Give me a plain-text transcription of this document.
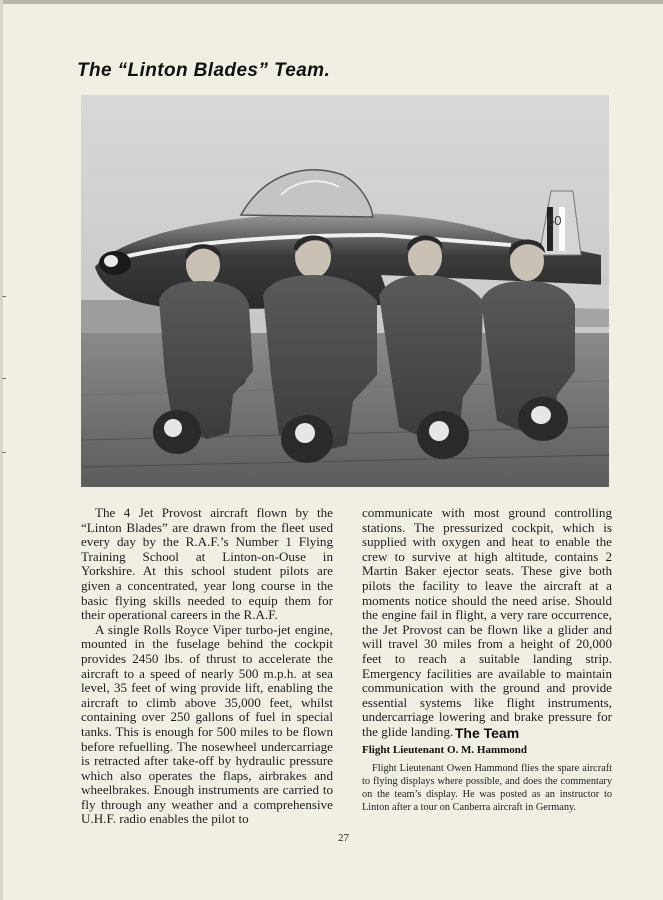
The “Linton Blades” Team.
60

The 4 Jet Provost aircraft flown by the “Linton Blades” are drawn from the fleet used every day by the R.A.F.’s Number 1 Flying Training School at Linton-on-Ouse in Yorkshire. At this school student pilots are given a concentrated, year long course in the basic flying skills needed to equip them for their operational careers in the R.A.F.

A single Rolls Royce Viper turbo-jet engine, mounted in the fuselage behind the cockpit provides 2450 lbs. of thrust to accelerate the aircraft to a speed of nearly 500 m.p.h. at sea level, 35 feet of wing provide lift, enabling the aircraft to climb above 35,000 feet, whilst containing over 250 gallons of fuel in special tanks. This is enough for 500 miles to be flown before refuelling. The nosewheel undercarriage is retracted after take-off by hydraulic pressure which also operates the flaps, airbrakes and wheelbrakes. Enough instruments are carried to fly through any weather and a comprehensive U.H.F. radio enables the pilot to

communicate with most ground controlling stations. The pressurized cockpit, which is supplied with oxygen and heat to enable the crew to survive at high altitude, contains 2 Martin Baker ejector seats. These give both pilots the facility to leave the aircraft at a moments notice should the need arise. Should the engine fail in flight, a very rare occurrence, the Jet Provost can be flown like a glider and will travel 30 miles from a height of 20,000 feet to reach a suitable landing strip. Emergency facilities are available to maintain communication with the ground and provide essential systems like flight instruments, undercarriage lowering and brake pressure for the glide landing. The Team
Flight Lieutenant O. M. Hammond

Flight Lieutenant Owen Hammond flies the spare aircraft to flying displays where possible, and does the commentary on the team’s display. He was posted as an instructor to Linton after a tour on Canberra aircraft in Germany.

27
